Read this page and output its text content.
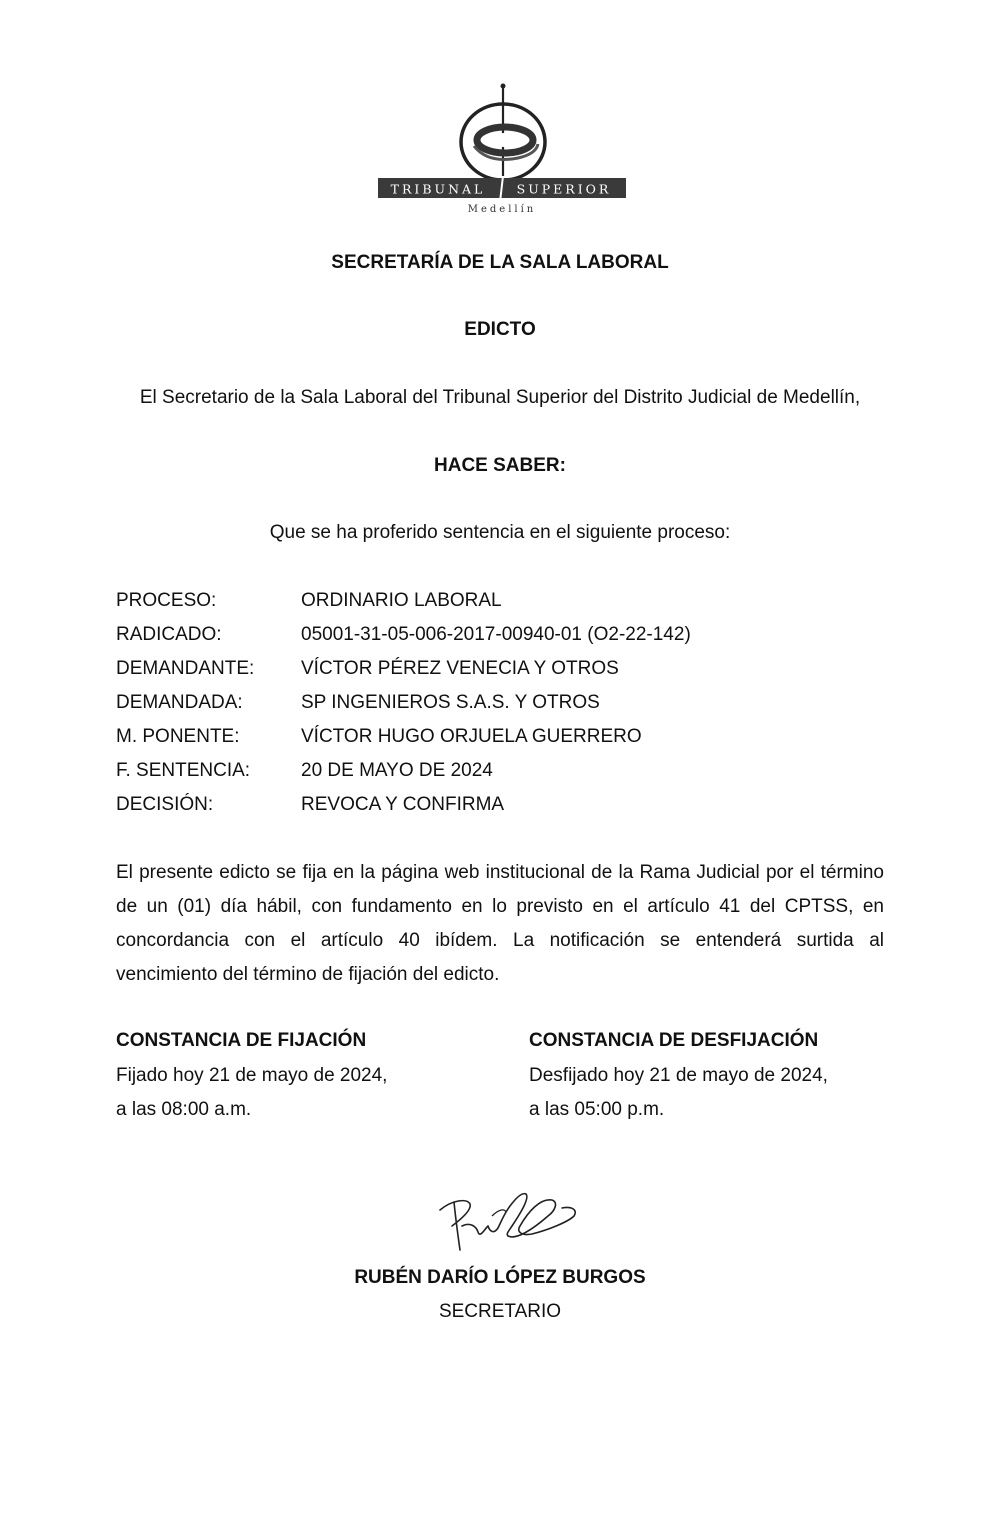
TRIBUNAL	SUPERIOR
Medellín
SECRETARÍA DE LA SALA LABORAL
EDICTO
El Secretario de la Sala Laboral del Tribunal Superior del Distrito Judicial de Medellín,
HACE SABER:
Que se ha proferido sentencia en el siguiente proceso:
PROCESO:	ORDINARIO LABORAL
RADICADO:	05001-31-05-006-2017-00940-01 (O2-22-142)
DEMANDANTE: VÍCTOR PÉREZ VENECIA Y OTROS
DEMANDADA:	SP INGENIEROS S.A.S. Y OTROS
M. PONENTE:	VÍCTOR HUGO ORJUELA GUERRERO
F. SENTENCIA:	20 DE MAYO DE 2024
DECISIÓN:	REVOCA Y CONFIRMA
El presente edicto se fija en la página web institucional de la Rama Judicial por el término
de un (01) día hábil, con fundamento en lo previsto en el artículo 41 del CPTSS, en
concordancia con el artículo 40 ibídem. La notificación se entenderá surtida al
vencimiento del término de fijación del edicto.
CONSTANCIA DE FIJACIÓN
Fijado hoy 21 de mayo de 2024,
a las 08:00 a.m.
CONSTANCIA DE DESFIJACIÓN
Desfijado hoy 21 de mayo de 2024,
a las 05:00 p.m.
RUBÉN DARÍO LÓPEZ BURGOS
SECRETARIO
